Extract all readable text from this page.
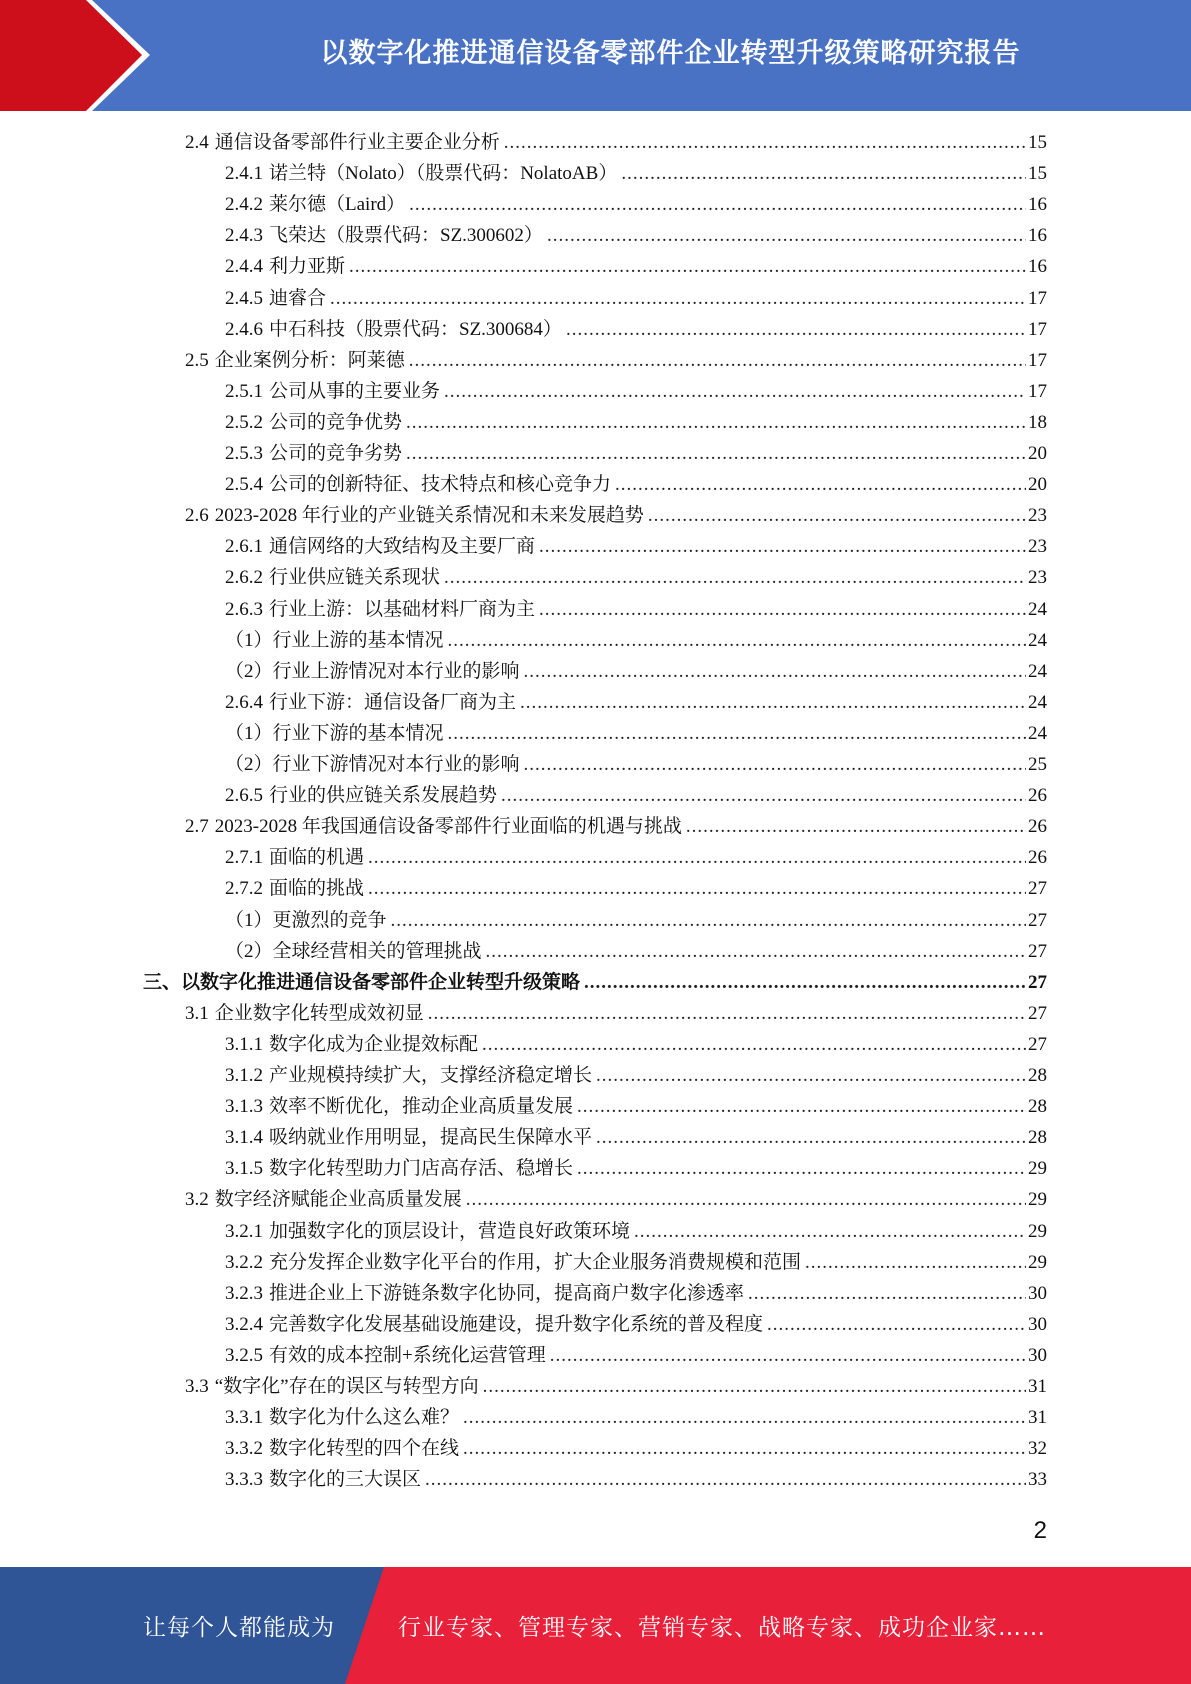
以数字化推进通信设备零部件企业转型升级策略研究报告
2.4 通信设备零部件行业主要企业分析 .....	15
2.4.1 诺兰特（Nolato）（股票代码：NolatoAB） .....	15
2.4.2 莱尔德（Laird） .....	16
2.4.3 飞荣达（股票代码：SZ.300602） .....	16
2.4.4 利力亚斯 .....	16
2.4.5 迪睿合 .....	17
2.4.6 中石科技（股票代码：SZ.300684） .....	17
2.5 企业案例分析：阿莱德 .....	17
2.5.1 公司从事的主要业务 .....	17
2.5.2 公司的竞争优势 .....	18
2.5.3 公司的竞争劣势 .....	20
2.5.4 公司的创新特征、技术特点和核心竞争力 .....	20
2.6 2023-2028 年行业的产业链关系情况和未来发展趋势 .....	23
2.6.1 通信网络的大致结构及主要厂商 .....	23
2.6.2 行业供应链关系现状 .....	23
2.6.3 行业上游：以基础材料厂商为主 .....	24
（1）行业上游的基本情况 .....	24
（2）行业上游情况对本行业的影响 .....	24
2.6.4 行业下游：通信设备厂商为主 .....	24
（1）行业下游的基本情况 .....	24
（2）行业下游情况对本行业的影响 .....	25
2.6.5 行业的供应链关系发展趋势 .....	26
2.7 2023-2028 年我国通信设备零部件行业面临的机遇与挑战 .....	26
2.7.1 面临的机遇 .....	26
2.7.2 面临的挑战 .....	27
（1）更激烈的竞争 .....	27
（2）全球经营相关的管理挑战 .....	27
三、以数字化推进通信设备零部件企业转型升级策略 .....	27
3.1 企业数字化转型成效初显 .....	27
3.1.1 数字化成为企业提效标配 .....	27
3.1.2 产业规模持续扩大，支撑经济稳定增长 .....	28
3.1.3 效率不断优化，推动企业高质量发展 .....	28
3.1.4 吸纳就业作用明显，提高民生保障水平 .....	28
3.1.5 数字化转型助力门店高存活、稳增长 .....	29
3.2 数字经济赋能企业高质量发展 .....	29
3.2.1 加强数字化的顶层设计，营造良好政策环境 .....	29
3.2.2 充分发挥企业数字化平台的作用，扩大企业服务消费规模和范围 .....	29
3.2.3 推进企业上下游链条数字化协同，提高商户数字化渗透率 .....	30
3.2.4 完善数字化发展基础设施建设，提升数字化系统的普及程度 .....	30
3.2.5 有效的成本控制+系统化运营管理 .....	30
3.3 “数字化”存在的误区与转型方向 .....	31
3.3.1 数字化为什么这么难？ .....	31
3.3.2 数字化转型的四个在线 .....	32
3.3.3 数字化的三大误区 .....	33
2
让每个人都能成为	行业专家、管理专家、营销专家、战略专家、成功企业家……
